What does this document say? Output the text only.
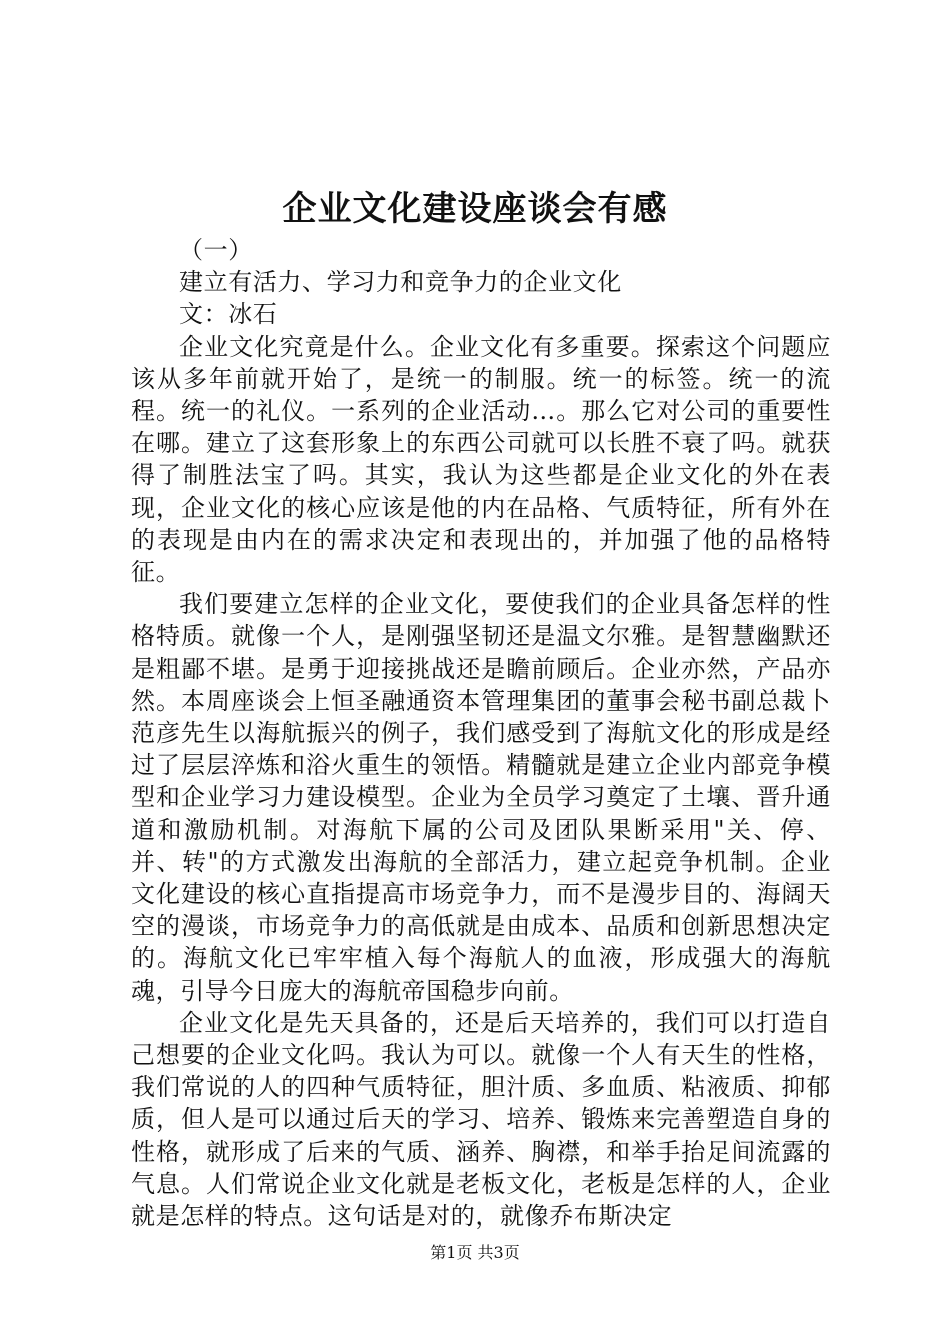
企业文化建设座谈会有感

（一）

建立有活力、学习力和竞争力的企业文化

文：冰石

企业文化究竟是什么。企业文化有多重要。探索这个问题应该从多年前就开始了，是统一的制服。统一的标签。统一的流程。统一的礼仪。一系列的企业活动…。那么它对公司的重要性在哪。建立了这套形象上的东西公司就可以长胜不衰了吗。就获得了制胜法宝了吗。其实，我认为这些都是企业文化的外在表现，企业文化的核心应该是他的内在品格、气质特征，所有外在的表现是由内在的需求决定和表现出的，并加强了他的品格特征。

我们要建立怎样的企业文化，要使我们的企业具备怎样的性格特质。就像一个人，是刚强坚韧还是温文尔雅。是智慧幽默还是粗鄙不堪。是勇于迎接挑战还是瞻前顾后。企业亦然，产品亦然。本周座谈会上恒圣融通资本管理集团的董事会秘书副总裁卜范彦先生以海航振兴的例子，我们感受到了海航文化的形成是经过了层层淬炼和浴火重生的领悟。精髓就是建立企业内部竞争模型和企业学习力建设模型。企业为全员学习奠定了土壤、晋升通道和激励机制。对海航下属的公司及团队果断采用"关、停、并、转"的方式激发出海航的全部活力，建立起竞争机制。企业文化建设的核心直指提高市场竞争力，而不是漫步目的、海阔天空的漫谈，市场竞争力的高低就是由成本、品质和创新思想决定的。海航文化已牢牢植入每个海航人的血液，形成强大的海航魂，引导今日庞大的海航帝国稳步向前。

企业文化是先天具备的，还是后天培养的，我们可以打造自己想要的企业文化吗。我认为可以。就像一个人有天生的性格，我们常说的人的四种气质特征，胆汁质、多血质、粘液质、抑郁质，但人是可以通过后天的学习、培养、锻炼来完善塑造自身的性格，就形成了后来的气质、涵养、胸襟，和举手抬足间流露的气息。人们常说企业文化就是老板文化，老板是怎样的人，企业就是怎样的特点。这句话是对的，就像乔布斯决定

第1页 共3页
